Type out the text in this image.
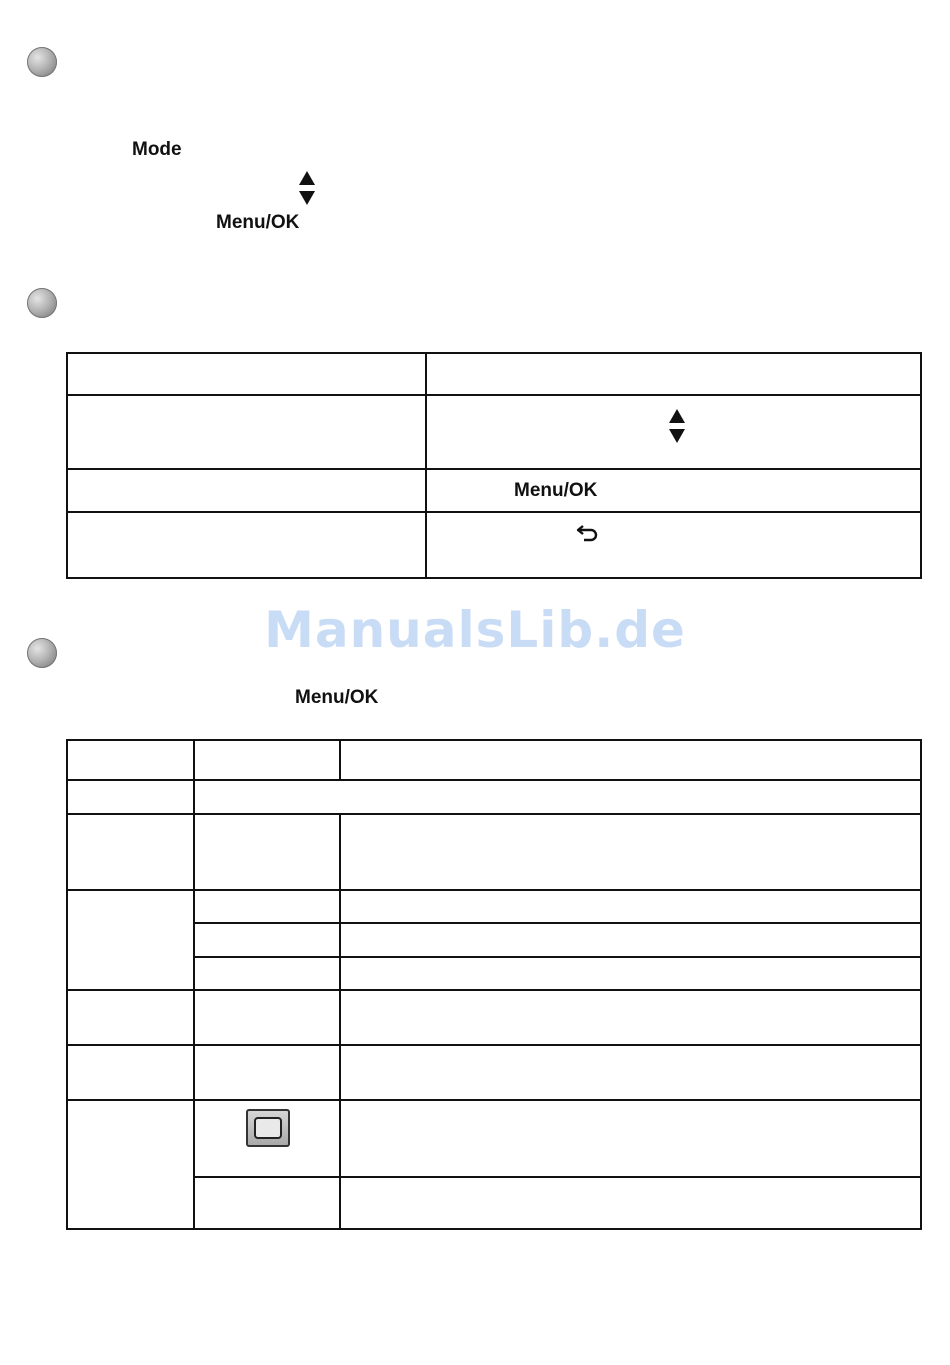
Mode
Menu/OK
Menu/OK
ManualsLib.de
Menu/OK
